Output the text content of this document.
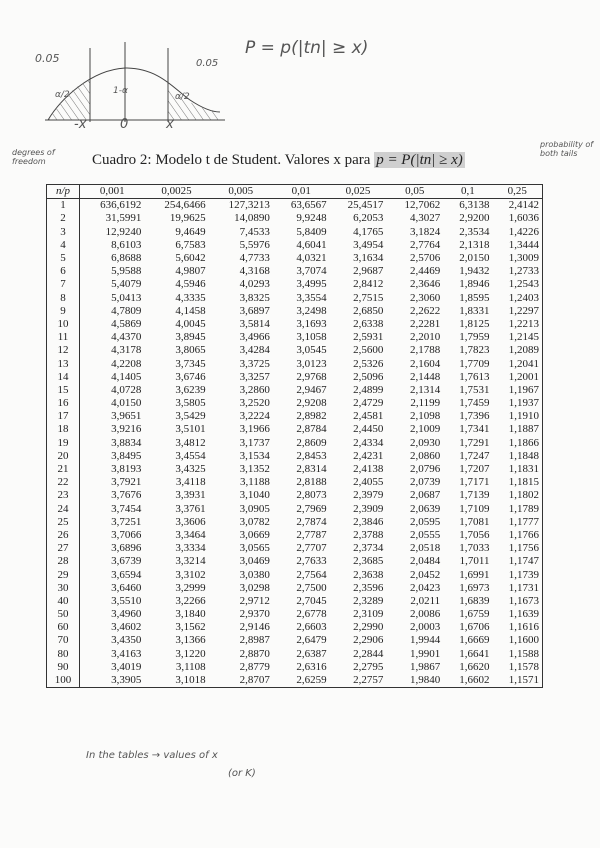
0.05	0.05
α/2	1-α
α/2
-x	0	x
P = p(|tn| ≥ x)
degrees of freedom
probability of both tails
Cuadro 2: Modelo t de Student. Valores x para p = P(|tn| ≥ x)
n/p	0,001	0,0025	0,005	0,01	0,025	0,05	0,1	0,25
1	636,6192	254,6466	127,3213	63,6567	25,4517	12,7062	6,3138	2,4142
2	31,5991	19,9625	14,0890	9,9248	6,2053	4,3027	2,9200	1,6036
3	12,9240	9,4649	7,4533	5,8409	4,1765	3,1824	2,3534	1,4226
4	8,6103	6,7583	5,5976	4,6041	3,4954	2,7764	2,1318	1,3444
5	6,8688	5,6042	4,7733	4,0321	3,1634	2,5706	2,0150	1,3009
6	5,9588	4,9807	4,3168	3,7074	2,9687	2,4469	1,9432	1,2733
7	5,4079	4,5946	4,0293	3,4995	2,8412	2,3646	1,8946	1,2543
8	5,0413	4,3335	3,8325	3,3554	2,7515	2,3060	1,8595	1,2403
9	4,7809	4,1458	3,6897	3,2498	2,6850	2,2622	1,8331	1,2297
10	4,5869	4,0045	3,5814	3,1693	2,6338	2,2281	1,8125	1,2213
11	4,4370	3,8945	3,4966	3,1058	2,5931	2,2010	1,7959	1,2145
12	4,3178	3,8065	3,4284	3,0545	2,5600	2,1788	1,7823	1,2089
13	4,2208	3,7345	3,3725	3,0123	2,5326	2,1604	1,7709	1,2041
14	4,1405	3,6746	3,3257	2,9768	2,5096	2,1448	1,7613	1,2001
15	4,0728	3,6239	3,2860	2,9467	2,4899	2,1314	1,7531	1,1967
16	4,0150	3,5805	3,2520	2,9208	2,4729	2,1199	1,7459	1,1937
17	3,9651	3,5429	3,2224	2,8982	2,4581	2,1098	1,7396	1,1910
18	3,9216	3,5101	3,1966	2,8784	2,4450	2,1009	1,7341	1,1887
19	3,8834	3,4812	3,1737	2,8609	2,4334	2,0930	1,7291	1,1866
20	3,8495	3,4554	3,1534	2,8453	2,4231	2,0860	1,7247	1,1848
21	3,8193	3,4325	3,1352	2,8314	2,4138	2,0796	1,7207	1,1831
22	3,7921	3,4118	3,1188	2,8188	2,4055	2,0739	1,7171	1,1815
23	3,7676	3,3931	3,1040	2,8073	2,3979	2,0687	1,7139	1,1802
24	3,7454	3,3761	3,0905	2,7969	2,3909	2,0639	1,7109	1,1789
25	3,7251	3,3606	3,0782	2,7874	2,3846	2,0595	1,7081	1,1777
26	3,7066	3,3464	3,0669	2,7787	2,3788	2,0555	1,7056	1,1766
27	3,6896	3,3334	3,0565	2,7707	2,3734	2,0518	1,7033	1,1756
28	3,6739	3,3214	3,0469	2,7633	2,3685	2,0484	1,7011	1,1747
29	3,6594	3,3102	3,0380	2,7564	2,3638	2,0452	1,6991	1,1739
30	3,6460	3,2999	3,0298	2,7500	2,3596	2,0423	1,6973	1,1731
40	3,5510	3,2266	2,9712	2,7045	2,3289	2,0211	1,6839	1,1673
50	3,4960	3,1840	2,9370	2,6778	2,3109	2,0086	1,6759	1,1639
60	3,4602	3,1562	2,9146	2,6603	2,2990	2,0003	1,6706	1,1616
70	3,4350	3,1366	2,8987	2,6479	2,2906	1,9944	1,6669	1,1600
80	3,4163	3,1220	2,8870	2,6387	2,2844	1,9901	1,6641	1,1588
90	3,4019	3,1108	2,8779	2,6316	2,2795	1,9867	1,6620	1,1578
100	3,3905	3,1018	2,8707	2,6259	2,2757	1,9840	1,6602	1,1571
In the tables → values of x
(or K)
